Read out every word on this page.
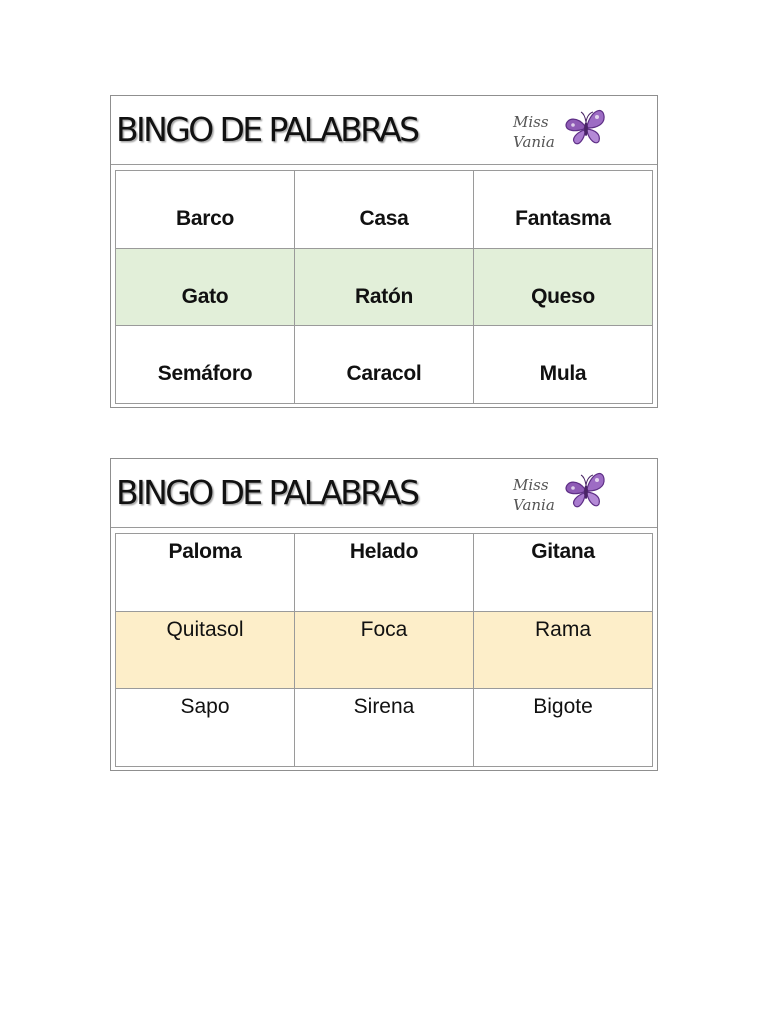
BINGO DE PALABRAS	Miss
Vania
Barco	Casa	Fantasma
Gato	Ratón	Queso
Semáforo	Caracol	Mula
BINGO DE PALABRAS	Miss
Vania
Paloma	Helado	Gitana
Quitasol	Foca	Rama
Sapo	Sirena	Bigote
